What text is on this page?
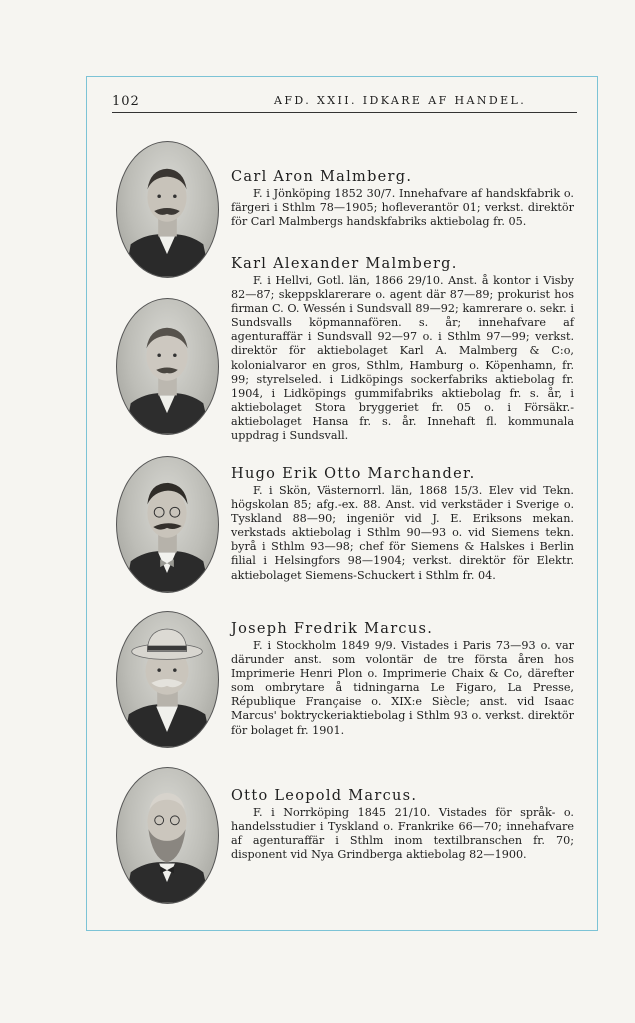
102	AFD. XXII. IDKARE AF HANDEL.
Carl Aron Malmberg.
F. i Jönköping 1852 30/7. Innehafvare af handskfabrik o. färgeri i Sthlm 78—1905; hofleverantör 01; verkst. direktör för Carl Malmbergs handskfabriks aktiebolag fr. 05.
Karl Alexander Malmberg.
F. i Hellvi, Gotl. län, 1866 29/10. Anst. å kontor i Visby 82—87; skeppsklarerare o. agent där 87—89; prokurist hos firman C. O. Wessén i Sundsvall 89—92; kamrerare o. sekr. i Sundsvalls köpmannafören. s. år; innehafvare af agenturaffär i Sundsvall 92—97 o. i Sthlm 97—99; verkst. direktör för aktiebolaget Karl A. Malmberg & C:o, kolonialvaror en gros, Sthlm, Hamburg o. Köpenhamn, fr. 99; styrelseled. i Lidköpings sockerfabriks aktiebolag fr. 1904, i Lidköpings gummifabriks aktiebolag fr. s. år, i aktiebolaget Stora bryggeriet fr. 05 o. i Försäkr.-aktiebolaget Hansa fr. s. år. Innehaft fl. kommunala uppdrag i Sundsvall.
Hugo Erik Otto Marchander.
F. i Skön, Västernorrl. län, 1868 15/3. Elev vid Tekn. högskolan 85; afg.-ex. 88. Anst. vid verkstäder i Sverige o. Tyskland 88—90; ingeniör vid J. E. Eriksons mekan. verkstads aktiebolag i Sthlm 90—93 o. vid Siemens tekn. byrå i Sthlm 93—98; chef för Siemens & Halskes i Berlin filial i Helsingfors 98—1904; verkst. direktör för Elektr. aktiebolaget Siemens-Schuckert i Sthlm fr. 04.
Joseph Fredrik Marcus.
F. i Stockholm 1849 9/9. Vistades i Paris 73—93 o. var därunder anst. som volontär de tre första åren hos Imprimerie Henri Plon o. Imprimerie Chaix & Co, därefter som ombrytare å tidningarna Le Figaro, La Presse, République Française o. XIX:e Siècle; anst. vid Isaac Marcus' boktryckeriaktiebolag i Sthlm 93 o. verkst. direktör för bolaget fr. 1901.
Otto Leopold Marcus.
F. i Norrköping 1845 21/10. Vistades för språk- o. handelsstudier i Tyskland o. Frankrike 66—70; innehafvare af agenturaffär i Sthlm inom textilbranschen fr. 70; disponent vid Nya Grindberga aktiebolag 82—1900.
